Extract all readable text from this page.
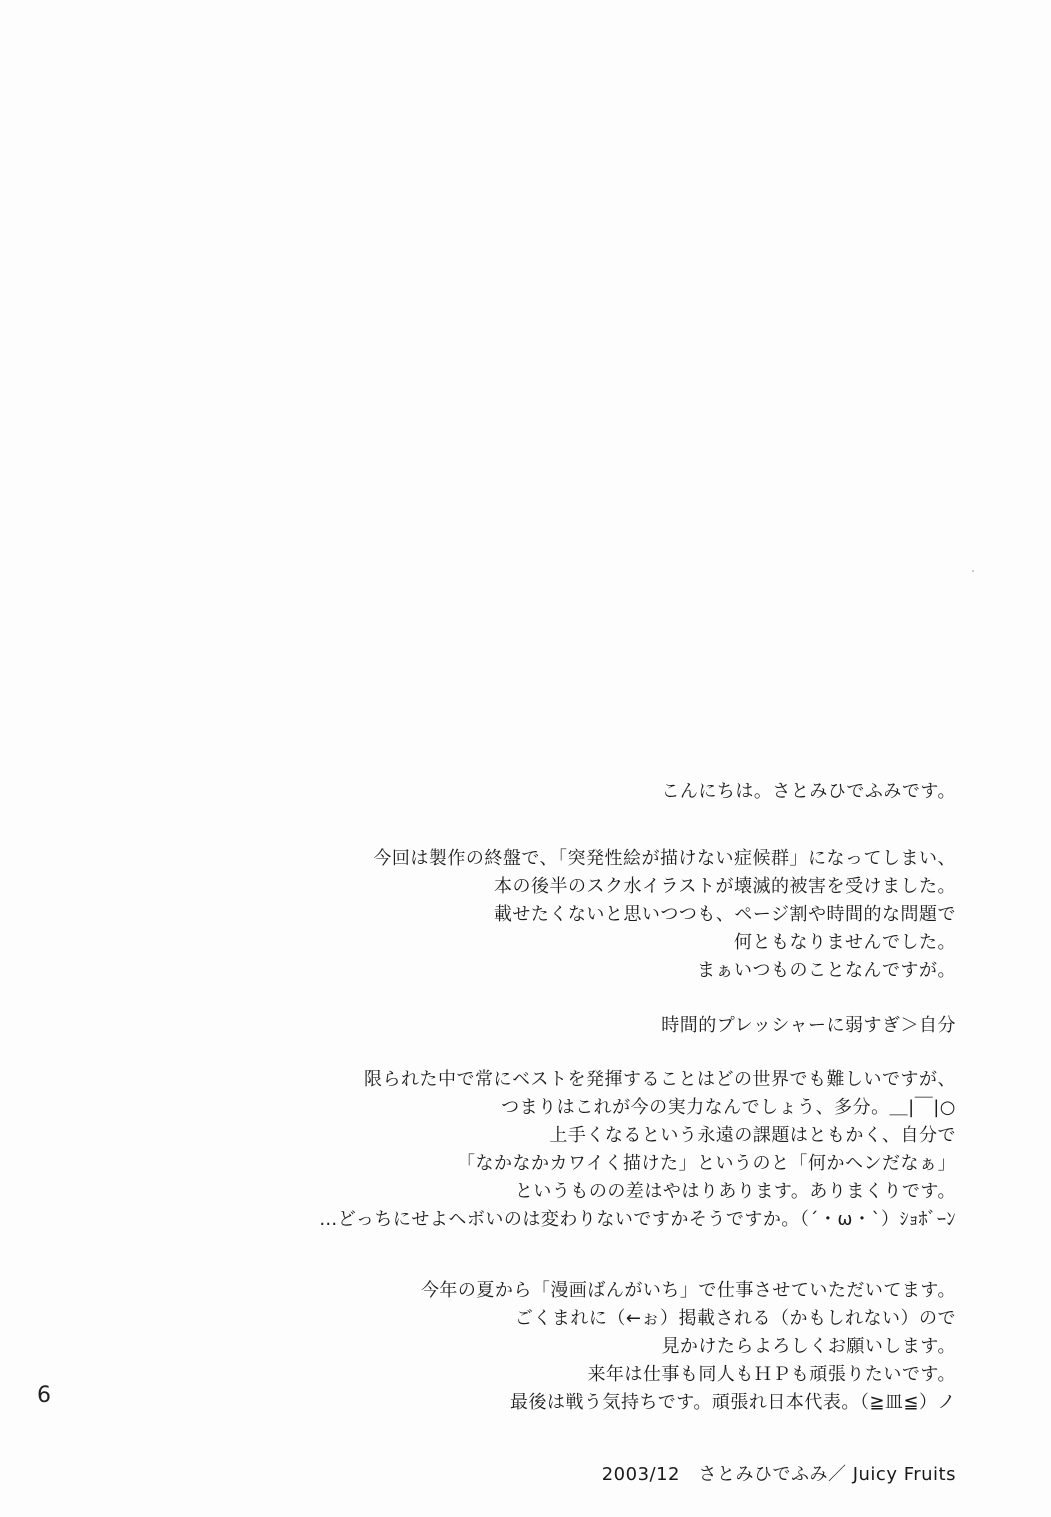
こんにちは。さとみひでふみです。

今回は製作の終盤で、「突発性絵が描けない症候群」になってしまい、
本の後半のスク水イラストが壊滅的被害を受けました。
載せたくないと思いつつも、ページ割や時間的な問題で
何ともなりませんでした。
まぁいつものことなんですが。

時間的プレッシャーに弱すぎ＞自分

限られた中で常にベストを発揮することはどの世界でも難しいですが、
つまりはこれが今の実力なんでしょう、多分。＿|￣|○
上手くなるという永遠の課題はともかく、自分で
「なかなかカワイく描けた」というのと「何かヘンだなぁ」
というものの差はやはりあります。ありまくりです。
…どっちにせよヘボいのは変わりないですかそうですか。（´・ω・`）ｼｮﾎﾞｰﾝ

今年の夏から「漫画ばんがいち」で仕事させていただいてます。
ごくまれに（←ぉ）掲載される（かもしれない）ので
見かけたらよろしくお願いします。
来年は仕事も同人もＨＰも頑張りたいです。
最後は戦う気持ちです。頑張れ日本代表。（≧皿≦）ノ

2003/12　さとみひでふみ／ Juicy Fruits

6
